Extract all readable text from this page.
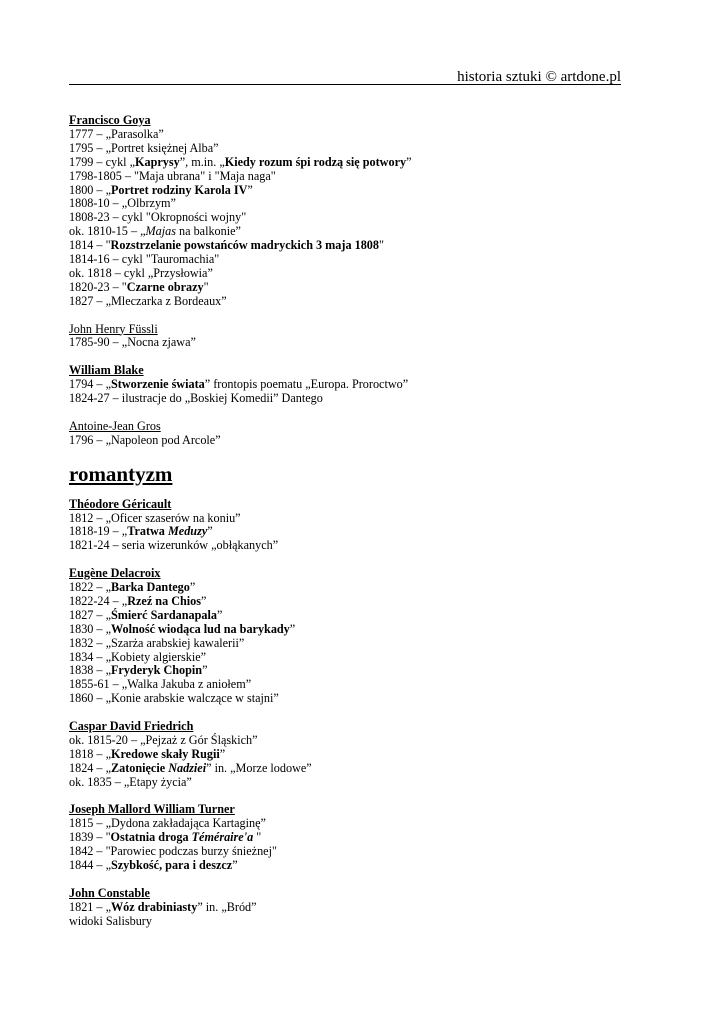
historia sztuki © artdone.pl
Francisco Goya
1777 – „Parasolka”
1795 – „Portret księżnej Alba”
1799 – cykl „Kaprysy”, m.in. „Kiedy rozum śpi rodzą się potwory”
1798-1805 – "Maja ubrana" i "Maja naga"
1800 – „Portret rodziny Karola IV”
1808-10 – „Olbrzym”
1808-23 – cykl "Okropności wojny"
ok. 1810-15 – „Majas na balkonie”
1814 – "Rozstrzelanie powstańców madryckich 3 maja 1808"
1814-16 – cykl "Tauromachia"
ok. 1818 – cykl „Przysłowia”
1820-23 – "Czarne obrazy"
1827 – „Mleczarka z Bordeaux”
John Henry Füssli
1785-90 – „Nocna zjawa”
William Blake
1794 – „Stworzenie świata” frontopis poematu „Europa. Proroctwo”
1824-27 – ilustracje do „Boskiej Komedii” Dantego
Antoine-Jean Gros
1796 – „Napoleon pod Arcole”
romantyzm
Théodore Géricault
1812 – „Oficer szaserów na koniu”
1818-19 – „Tratwa Meduzy”
1821-24 – seria wizerunków „obłąkanych”
Eugène Delacroix
1822 – „Barka Dantego”
1822-24 – „Rzeź na Chios”
1827 – „Śmierć Sardanapala”
1830 – „Wolność wiodąca lud na barykady”
1832 – „Szarża arabskiej kawalerii”
1834 – „Kobiety algierskie”
1838 – „Fryderyk Chopin”
1855-61 – „Walka Jakuba z aniołem”
1860 – „Konie arabskie walczące w stajni”
Caspar David Friedrich
ok. 1815-20 – „Pejzaż z Gór Śląskich”
1818 – „Kredowe skały Rugii”
1824 – „Zatonięcie Nadziei” in. „Morze lodowe”
ok. 1835 – „Etapy życia”
Joseph Mallord William Turner
1815 – „Dydona zakładająca Kartaginę”
1839 – "Ostatnia droga Téméraire'a "
1842 – "Parowiec podczas burzy śnieżnej"
1844 – „Szybkość, para i deszcz”
John Constable
1821 – „Wóz drabiniasty” in. „Bród”
widoki Salisbury
